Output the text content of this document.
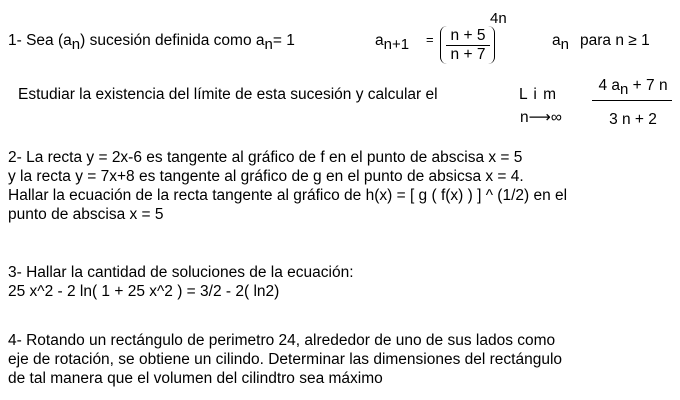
1- Sea (an) sucesión definida como an= 1	an+1 =	n + 5
n + 7
4n
an para n ≥ 1
Estudiar la existencia del límite de esta sucesión y calcular el	L i m
n⟶∞
4 an + 7 n
3 n + 2
2- La recta y = 2x-6 es tangente al gráfico de f en el punto de abscisa x = 5
y la recta y = 7x+8 es tangente al gráfico de g en el punto de absicsa x = 4.
Hallar la ecuación de la recta tangente al gráfico de h(x) = [ g ( f(x) ) ] ^ (1/2) en el
punto de abscisa x = 5
3- Hallar la cantidad de soluciones de la ecuación:
25 x^2 - 2 ln( 1 + 25 x^2 ) = 3/2 - 2( ln2)
4- Rotando un rectángulo de perimetro 24, alrededor de uno de sus lados como
eje de rotación, se obtiene un cilindo. Determinar las dimensiones del rectángulo
de tal manera que el volumen del cilindtro sea máximo
